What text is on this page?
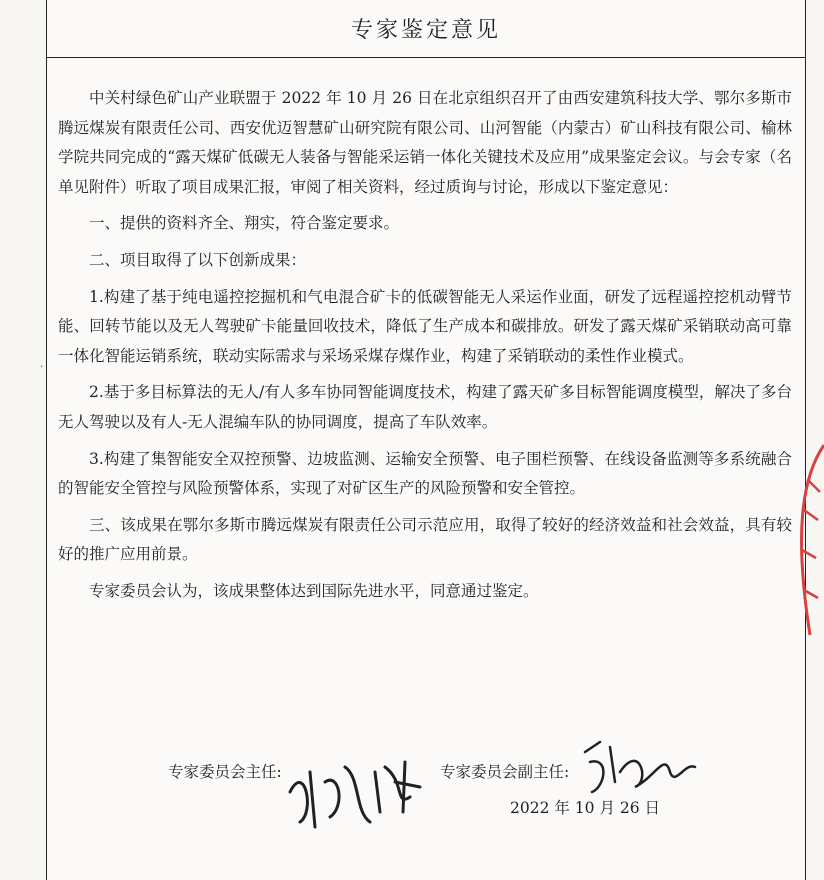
专家鉴定意见

中关村绿色矿山产业联盟于 2022 年 10 月 26 日在北京组织召开了由西安建筑科技大学、鄂尔多斯市腾远煤炭有限责任公司、西安优迈智慧矿山研究院有限公司、山河智能（内蒙古）矿山科技有限公司、榆林学院共同完成的“露天煤矿低碳无人装备与智能采运销一体化关键技术及应用”成果鉴定会议。与会专家（名单见附件）听取了项目成果汇报，审阅了相关资料，经过质询与讨论，形成以下鉴定意见：

一、提供的资料齐全、翔实，符合鉴定要求。

二、项目取得了以下创新成果：

1.构建了基于纯电遥控挖掘机和气电混合矿卡的低碳智能无人采运作业面，研发了远程遥控挖机动臂节能、回转节能以及无人驾驶矿卡能量回收技术，降低了生产成本和碳排放。研发了露天煤矿采销联动高可靠一体化智能运销系统，联动实际需求与采场采煤存煤作业，构建了采销联动的柔性作业模式。

2.基于多目标算法的无人/有人多车协同智能调度技术，构建了露天矿多目标智能调度模型，解决了多台无人驾驶以及有人-无人混编车队的协同调度，提高了车队效率。

3.构建了集智能安全双控预警、边坡监测、运输安全预警、电子围栏预警、在线设备监测等多系统融合的智能安全管控与风险预警体系，实现了对矿区生产的风险预警和安全管控。

三、该成果在鄂尔多斯市腾远煤炭有限责任公司示范应用，取得了较好的经济效益和社会效益，具有较好的推广应用前景。

专家委员会认为，该成果整体达到国际先进水平，同意通过鉴定。

专家委员会主任:	专家委员会副主任:
2022 年 10 月 26 日
·
